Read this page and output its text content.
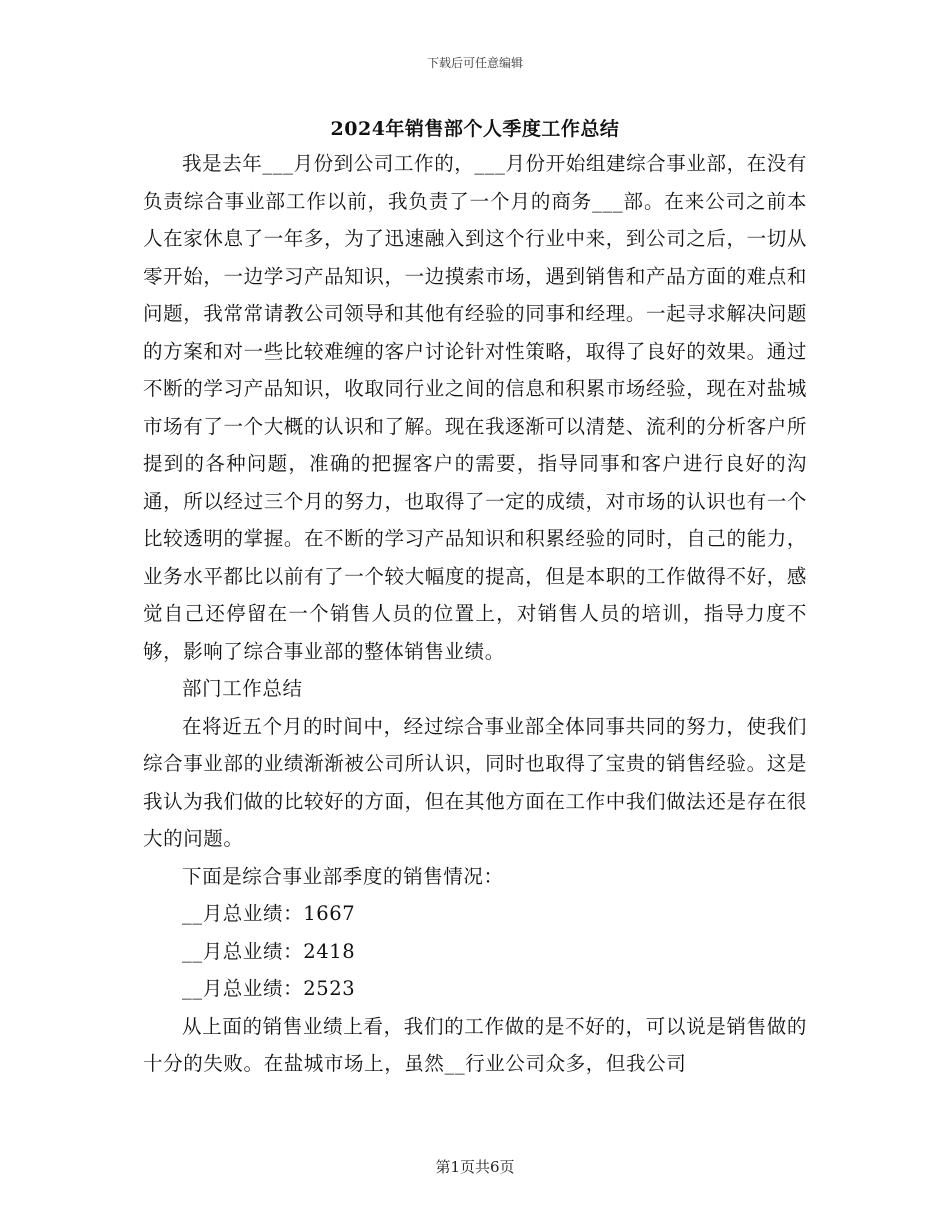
下载后可任意编辑
2024年销售部个人季度工作总结

我是去年___月份到公司工作的，___月份开始组建综合事业部，在没有负责综合事业部工作以前，我负责了一个月的商务___部。在来公司之前本人在家休息了一年多，为了迅速融入到这个行业中来，到公司之后，一切从零开始，一边学习产品知识，一边摸索市场，遇到销售和产品方面的难点和问题，我常常请教公司领导和其他有经验的同事和经理。一起寻求解决问题的方案和对一些比较难缠的客户讨论针对性策略，取得了良好的效果。通过不断的学习产品知识，收取同行业之间的信息和积累市场经验，现在对盐城市场有了一个大概的认识和了解。现在我逐渐可以清楚、流利的分析客户所提到的各种问题，准确的把握客户的需要，指导同事和客户进行良好的沟通，所以经过三个月的努力，也取得了一定的成绩，对市场的认识也有一个比较透明的掌握。在不断的学习产品知识和积累经验的同时，自己的能力，业务水平都比以前有了一个较大幅度的提高，但是本职的工作做得不好，感觉自己还停留在一个销售人员的位置上，对销售人员的培训，指导力度不够，影响了综合事业部的整体销售业绩。

部门工作总结

在将近五个月的时间中，经过综合事业部全体同事共同的努力，使我们综合事业部的业绩渐渐被公司所认识，同时也取得了宝贵的销售经验。这是我认为我们做的比较好的方面，但在其他方面在工作中我们做法还是存在很大的问题。

下面是综合事业部季度的销售情况：

__月总业绩：1667

__月总业绩：2418

__月总业绩：2523

从上面的销售业绩上看，我们的工作做的是不好的，可以说是销售做的十分的失败。在盐城市场上，虽然__行业公司众多，但我公司

第1页共6页
